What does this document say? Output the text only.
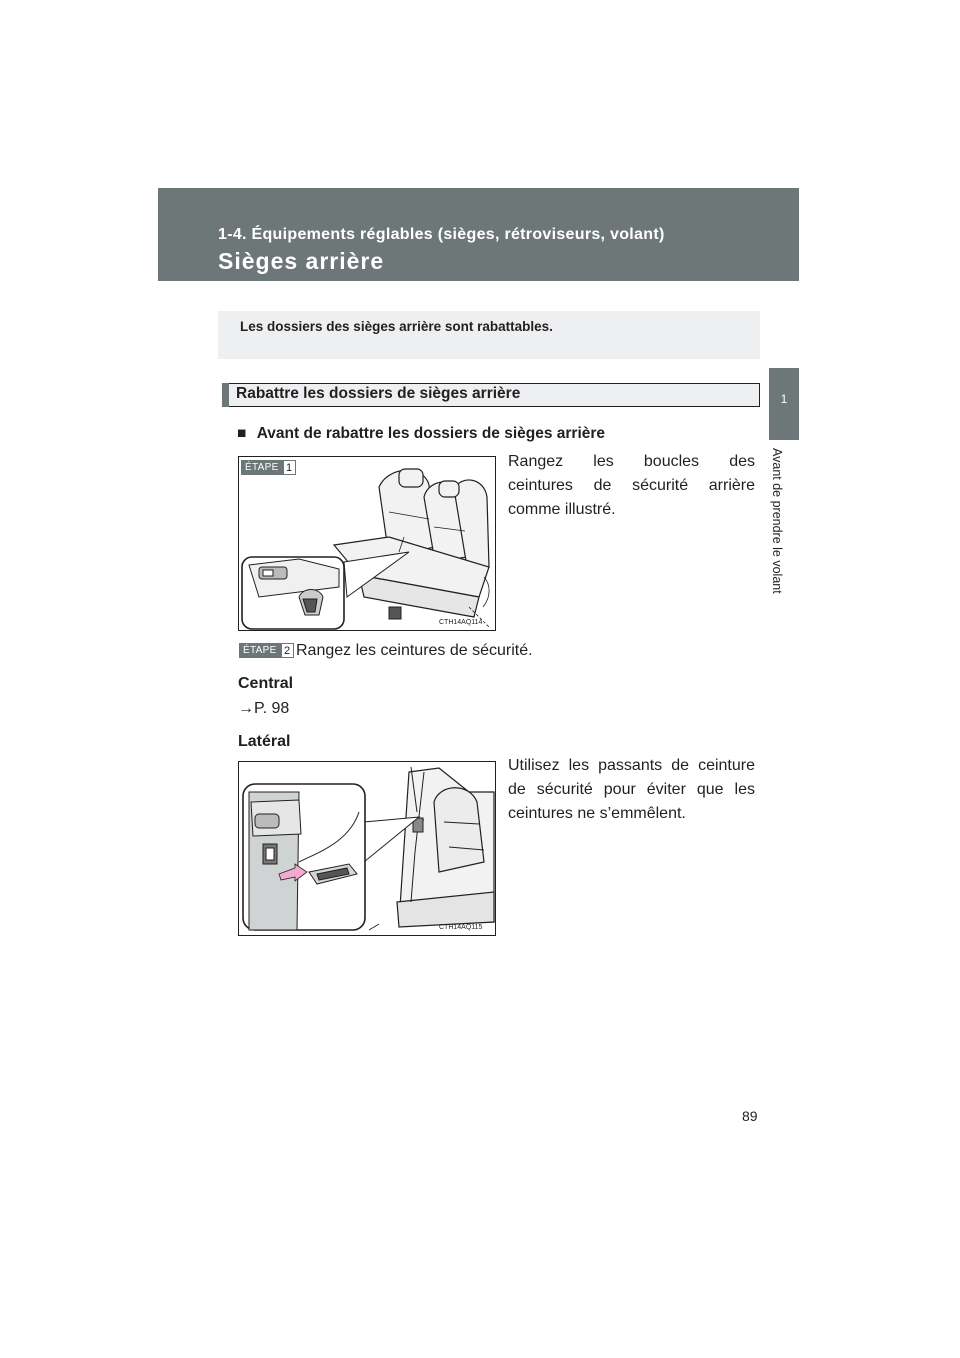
1-4. Équipements réglables (sièges, rétroviseurs, volant)
Sièges arrière
1
Avant de prendre le volant
Les dossiers des sièges arrière sont rabattables.
Rabattre les dossiers de sièges arrière
■ Avant de rabattre les dossiers de sièges arrière
ÉTAPE 1
CTH14AQ114
Rangez les boucles des
ceintures de sécurité arrière
comme illustré.
ÉTAPE 2 Rangez les ceintures de sécurité.
Central
→P. 98
Latéral
CTH14AQ115
Utilisez les passants de ceinture
de sécurité pour éviter que les
ceintures ne s’emmêlent.
89
